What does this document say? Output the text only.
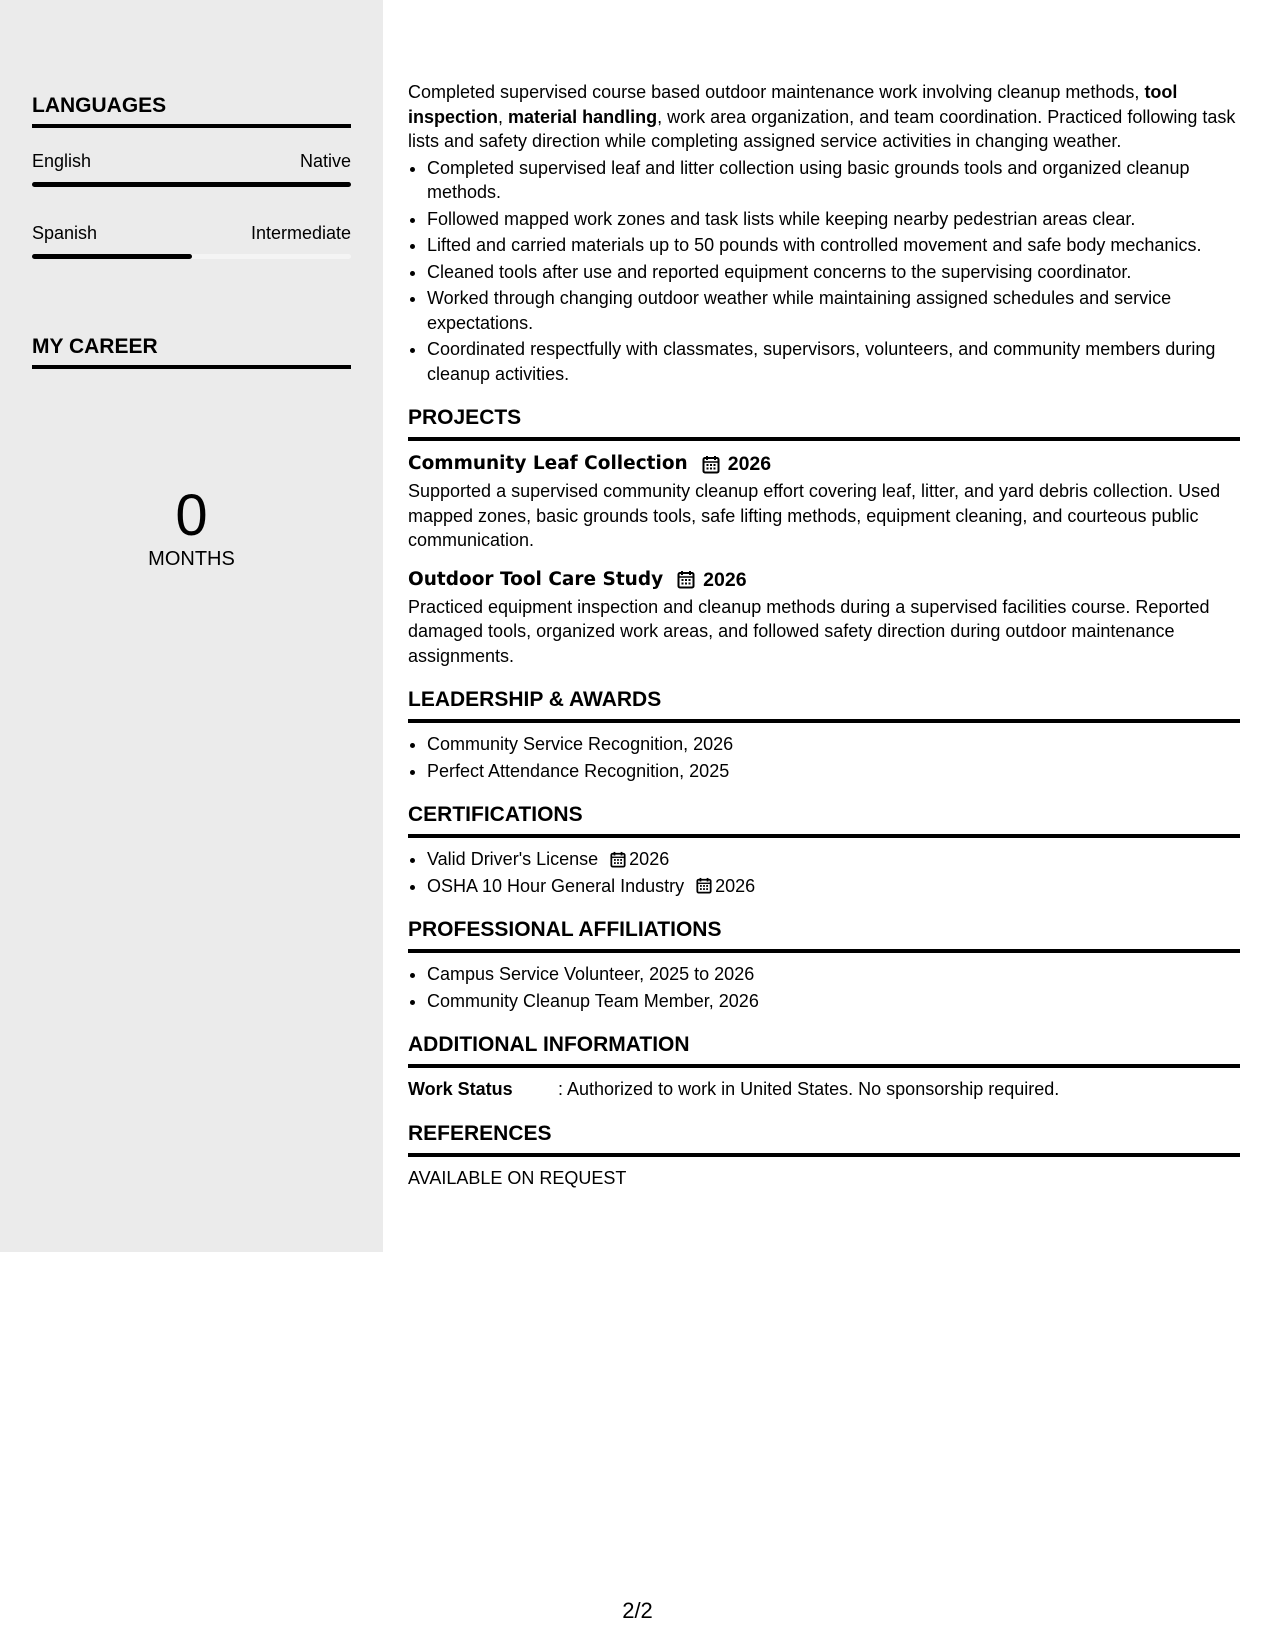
LANGUAGES
English	Native
Spanish	Intermediate
MY CAREER
0
MONTHS

Completed supervised course based outdoor maintenance work involving cleanup methods, tool inspection, material handling, work area organization, and team coordination. Practiced following task lists and safety direction while completing assigned service activities in changing weather.

• Completed supervised leaf and litter collection using basic grounds tools and organized cleanup methods.
• Followed mapped work zones and task lists while keeping nearby pedestrian areas clear.
• Lifted and carried materials up to 50 pounds with controlled movement and safe body mechanics.
• Cleaned tools after use and reported equipment concerns to the supervising coordinator.
• Worked through changing outdoor weather while maintaining assigned schedules and service expectations.
• Coordinated respectfully with classmates, supervisors, volunteers, and community members during cleanup activities.
PROJECTS
Community Leaf Collection 2026

Supported a supervised community cleanup effort covering leaf, litter, and yard debris collection. Used mapped zones, basic grounds tools, safe lifting methods, equipment cleaning, and courteous public communication.

Outdoor Tool Care Study 2026

Practiced equipment inspection and cleanup methods during a supervised facilities course. Reported damaged tools, organized work areas, and followed safety direction during outdoor maintenance assignments.

LEADERSHIP & AWARDS
• Community Service Recognition, 2026
• Perfect Attendance Recognition, 2025
CERTIFICATIONS
• Valid Driver's License 2026
• OSHA 10 Hour General Industry 2026
PROFESSIONAL AFFILIATIONS
• Campus Service Volunteer, 2025 to 2026
• Community Cleanup Team Member, 2026
ADDITIONAL INFORMATION
Work Status	: Authorized to work in United States. No sponsorship required.
REFERENCES
AVAILABLE ON REQUEST
2/2
